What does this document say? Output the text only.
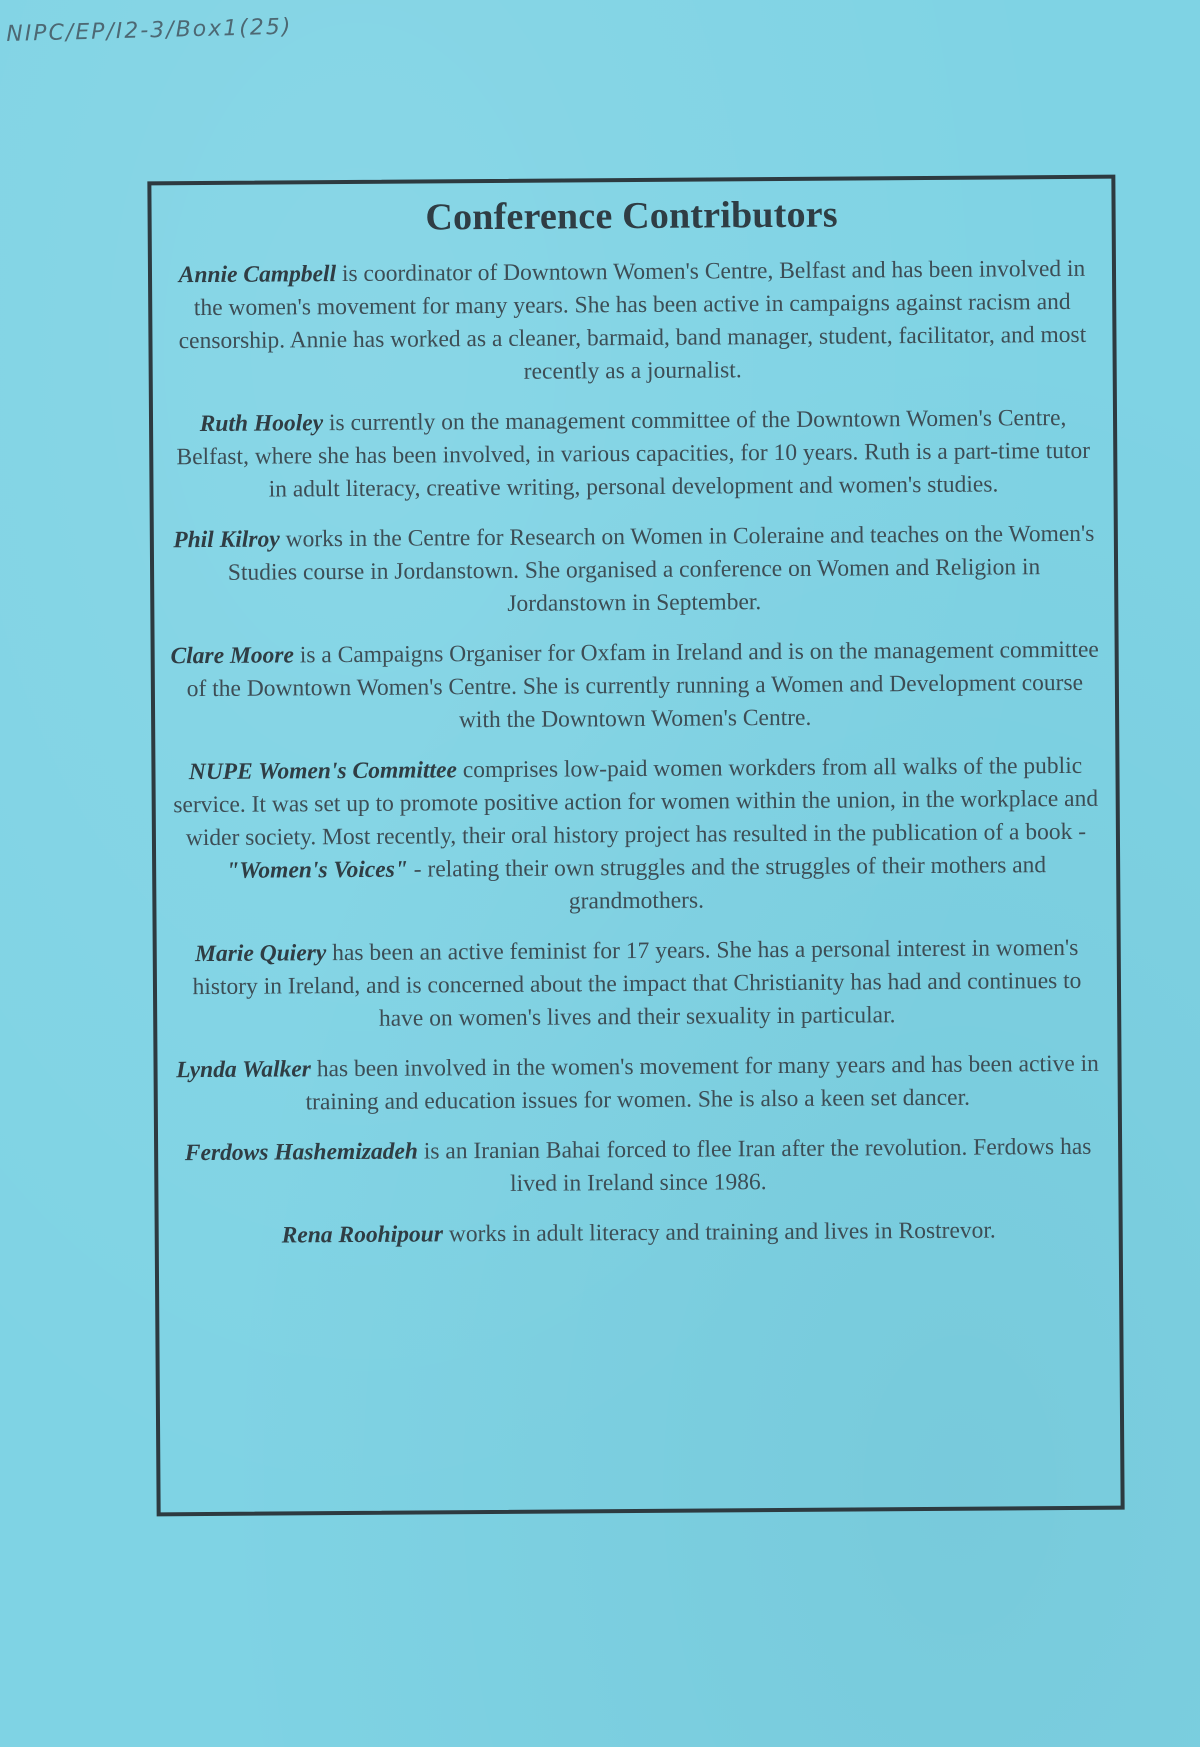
NIPC/EP/I2-3/Box1(25)
Conference Contributors

Annie Campbell is coordinator of Downtown Women's Centre, Belfast and has been involved in the women's movement for many years. She has been active in campaigns against racism and censorship. Annie has worked as a cleaner, barmaid, band manager, student, facilitator, and most recently as a journalist.

Ruth Hooley is currently on the management committee of the Downtown Women's Centre, Belfast, where she has been involved, in various capacities, for 10 years. Ruth is a part-time tutor in adult literacy, creative writing, personal development and women's studies.

Phil Kilroy works in the Centre for Research on Women in Coleraine and teaches on the Women's Studies course in Jordanstown. She organised a conference on Women and Religion in Jordanstown in September.

Clare Moore is a Campaigns Organiser for Oxfam in Ireland and is on the management committee of the Downtown Women's Centre. She is currently running a Women and Development course with the Downtown Women's Centre.

NUPE Women's Committee comprises low-paid women workders from all walks of the public service. It was set up to promote positive action for women within the union, in the workplace and wider society. Most recently, their oral history project has resulted in the publication of a book - "Women's Voices" - relating their own struggles and the struggles of their mothers and grandmothers.

Marie Quiery has been an active feminist for 17 years. She has a personal interest in women's history in Ireland, and is concerned about the impact that Christianity has had and continues to have on women's lives and their sexuality in particular.

Lynda Walker has been involved in the women's movement for many years and has been active in training and education issues for women. She is also a keen set dancer.

Ferdows Hashemizadeh is an Iranian Bahai forced to flee Iran after the revolution. Ferdows has lived in Ireland since 1986.

Rena Roohipour works in adult literacy and training and lives in Rostrevor.
